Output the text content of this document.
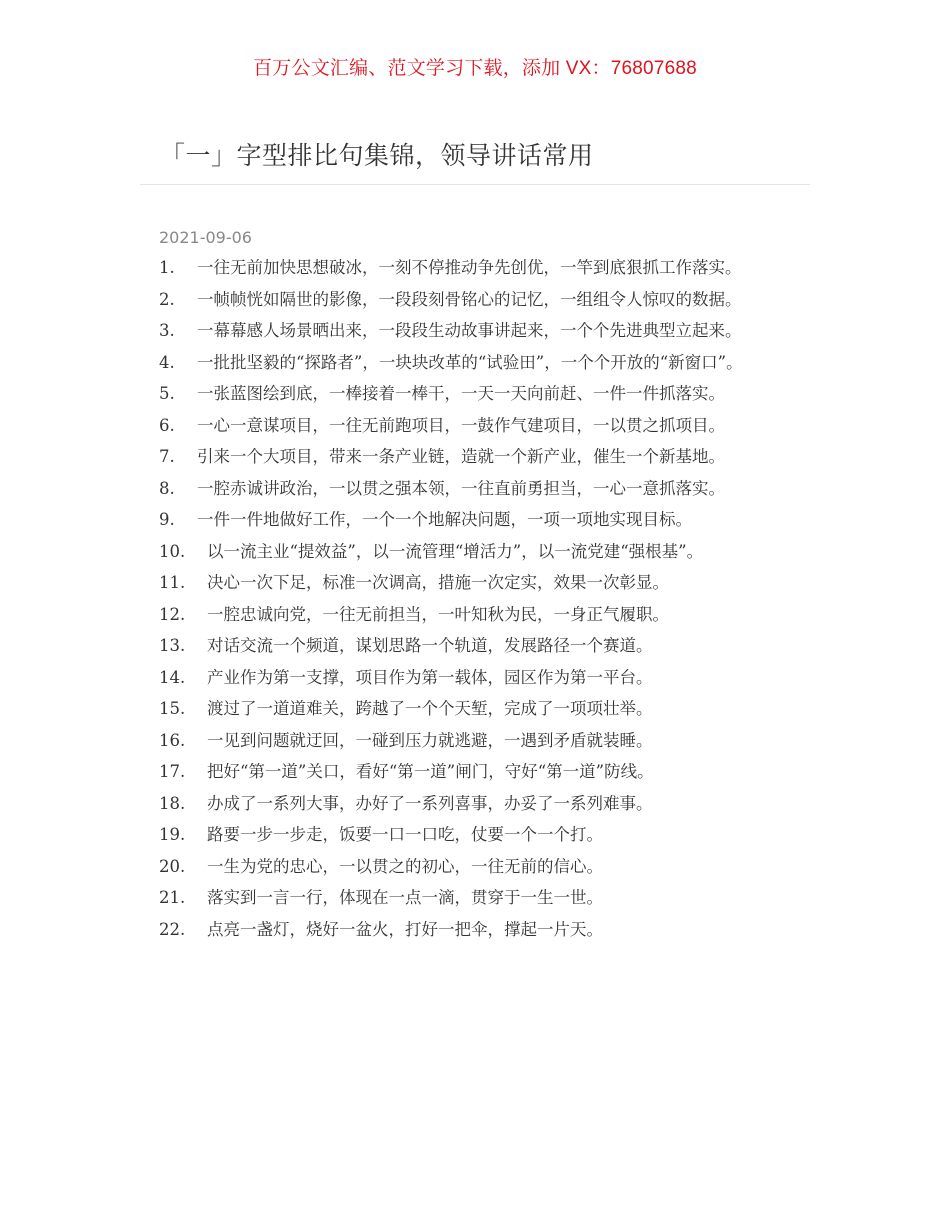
百万公文汇编、范文学习下载，添加 VX：76807688
「一」字型排比句集锦，领导讲话常用
2021-09-06
1. 一往无前加快思想破冰，一刻不停推动争先创优，一竿到底狠抓工作落实。
2. 一帧帧恍如隔世的影像，一段段刻骨铭心的记忆，一组组令人惊叹的数据。
3. 一幕幕感人场景晒出来，一段段生动故事讲起来，一个个先进典型立起来。
4. 一批批坚毅的“探路者”，一块块改革的“试验田”，一个个开放的“新窗口”。
5. 一张蓝图绘到底，一棒接着一棒干，一天一天向前赶、一件一件抓落实。
6. 一心一意谋项目，一往无前跑项目，一鼓作气建项目，一以贯之抓项目。
7. 引来一个大项目，带来一条产业链，造就一个新产业，催生一个新基地。
8. 一腔赤诚讲政治，一以贯之强本领，一往直前勇担当，一心一意抓落实。
9. 一件一件地做好工作，一个一个地解决问题，一项一项地实现目标。
10. 以一流主业“提效益”，以一流管理“增活力”，以一流党建“强根基”。
11. 决心一次下足，标准一次调高，措施一次定实，效果一次彰显。
12. 一腔忠诚向党，一往无前担当，一叶知秋为民，一身正气履职。
13. 对话交流一个频道，谋划思路一个轨道，发展路径一个赛道。
14. 产业作为第一支撑，项目作为第一载体，园区作为第一平台。
15. 渡过了一道道难关，跨越了一个个天堑，完成了一项项壮举。
16. 一见到问题就迂回，一碰到压力就逃避，一遇到矛盾就装睡。
17. 把好“第一道”关口，看好“第一道”闸门，守好“第一道”防线。
18. 办成了一系列大事，办好了一系列喜事，办妥了一系列难事。
19. 路要一步一步走，饭要一口一口吃，仗要一个一个打。
20. 一生为党的忠心，一以贯之的初心，一往无前的信心。
21. 落实到一言一行，体现在一点一滴，贯穿于一生一世。
22. 点亮一盏灯，烧好一盆火，打好一把伞，撑起一片天。
